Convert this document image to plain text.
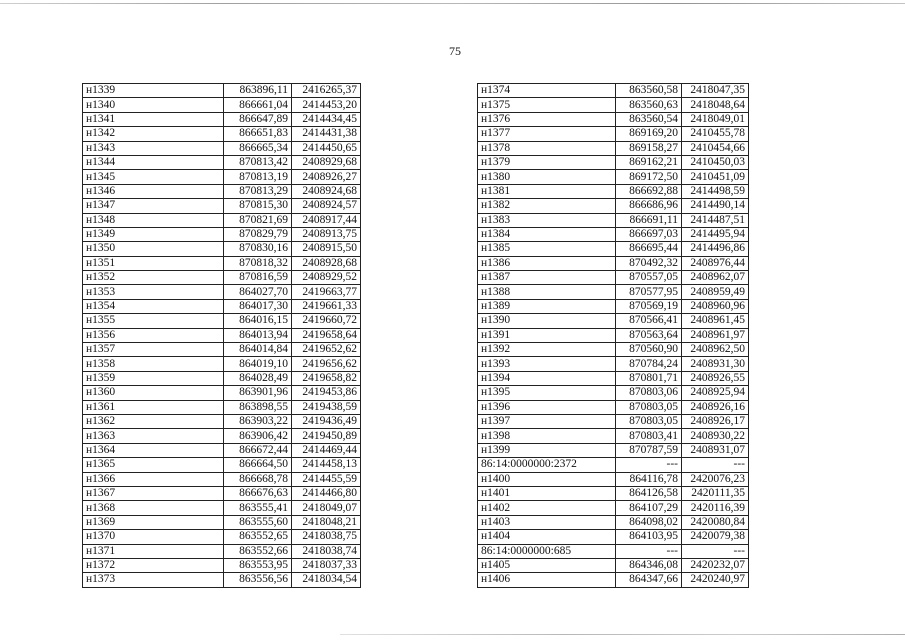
75
н1339	863896,11	2416265,37
н1340	866661,04	2414453,20
н1341	866647,89	2414434,45
н1342	866651,83	2414431,38
н1343	866665,34	2414450,65
н1344	870813,42	2408929,68
н1345	870813,19	2408926,27
н1346	870813,29	2408924,68
н1347	870815,30	2408924,57
н1348	870821,69	2408917,44
н1349	870829,79	2408913,75
н1350	870830,16	2408915,50
н1351	870818,32	2408928,68
н1352	870816,59	2408929,52
н1353	864027,70	2419663,77
н1354	864017,30	2419661,33
н1355	864016,15	2419660,72
н1356	864013,94	2419658,64
н1357	864014,84	2419652,62
н1358	864019,10	2419656,62
н1359	864028,49	2419658,82
н1360	863901,96	2419453,86
н1361	863898,55	2419438,59
н1362	863903,22	2419436,49
н1363	863906,42	2419450,89
н1364	866672,44	2414469,44
н1365	866664,50	2414458,13
н1366	866668,78	2414455,59
н1367	866676,63	2414466,80
н1368	863555,41	2418049,07
н1369	863555,60	2418048,21
н1370	863552,65	2418038,75
н1371	863552,66	2418038,74
н1372	863553,95	2418037,33
н1373	863556,56	2418034,54
н1374	863560,58	2418047,35
н1375	863560,63	2418048,64
н1376	863560,54	2418049,01
н1377	869169,20	2410455,78
н1378	869158,27	2410454,66
н1379	869162,21	2410450,03
н1380	869172,50	2410451,09
н1381	866692,88	2414498,59
н1382	866686,96	2414490,14
н1383	866691,11	2414487,51
н1384	866697,03	2414495,94
н1385	866695,44	2414496,86
н1386	870492,32	2408976,44
н1387	870557,05	2408962,07
н1388	870577,95	2408959,49
н1389	870569,19	2408960,96
н1390	870566,41	2408961,45
н1391	870563,64	2408961,97
н1392	870560,90	2408962,50
н1393	870784,24	2408931,30
н1394	870801,71	2408926,55
н1395	870803,06	2408925,94
н1396	870803,05	2408926,16
н1397	870803,05	2408926,17
н1398	870803,41	2408930,22
н1399	870787,59	2408931,07
86:14:0000000:2372	---	---
н1400	864116,78	2420076,23
н1401	864126,58	2420111,35
н1402	864107,29	2420116,39
н1403	864098,02	2420080,84
н1404	864103,95	2420079,38
86:14:0000000:685	---	---
н1405	864346,08	2420232,07
н1406	864347,66	2420240,97
